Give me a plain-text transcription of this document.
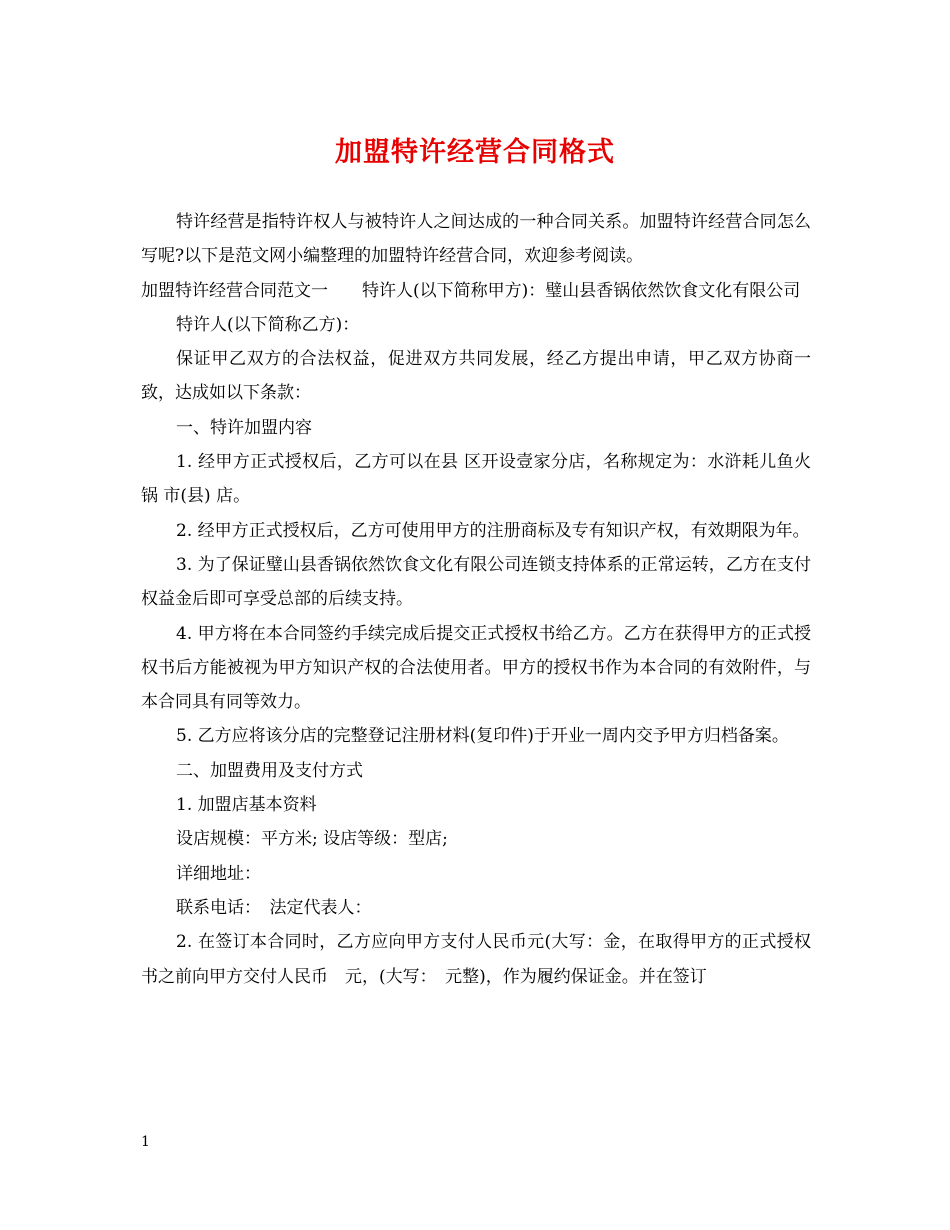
加盟特许经营合同格式

特许经营是指特许权人与被特许人之间达成的一种合同关系。加盟特许经营合同怎么写呢?以下是范文网小编整理的加盟特许经营合同，欢迎参考阅读。

加盟特许经营合同范文一　　特许人(以下简称甲方)：璧山县香锅依然饮食文化有限公司

特许人(以下简称乙方)：

保证甲乙双方的合法权益，促进双方共同发展，经乙方提出申请，甲乙双方协商一致，达成如以下条款：

一、特许加盟内容

1. 经甲方正式授权后，乙方可以在县 区开设壹家分店，名称规定为：水浒耗儿鱼火锅 市(县) 店。

2. 经甲方正式授权后，乙方可使用甲方的注册商标及专有知识产权，有效期限为年。

3. 为了保证璧山县香锅依然饮食文化有限公司连锁支持体系的正常运转，乙方在支付权益金后即可享受总部的后续支持。

4. 甲方将在本合同签约手续完成后提交正式授权书给乙方。乙方在获得甲方的正式授权书后方能被视为甲方知识产权的合法使用者。甲方的授权书作为本合同的有效附件，与本合同具有同等效力。

5. 乙方应将该分店的完整登记注册材料(复印件)于开业一周内交予甲方归档备案。

二、加盟费用及支付方式

1. 加盟店基本资料

设店规模：平方米; 设店等级：型店;

详细地址：

联系电话：　法定代表人：

2. 在签订本合同时，乙方应向甲方支付人民币元(大写：金，在取得甲方的正式授权书之前向甲方交付人民币　元，(大写：　元整)，作为履约保证金。并在签订

1
